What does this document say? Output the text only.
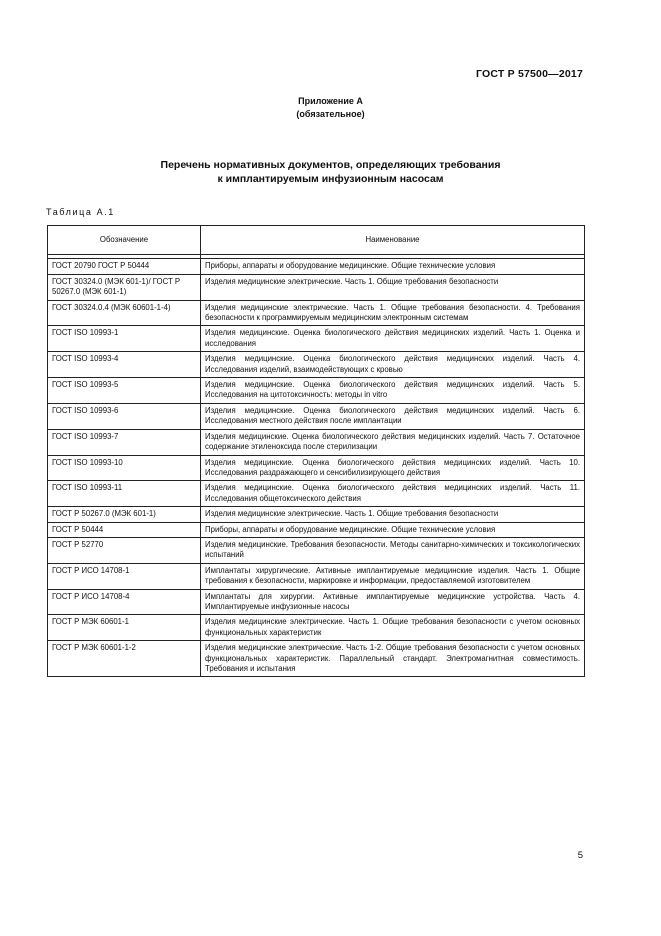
ГОСТ Р 57500—2017
Приложение А
(обязательное)
Перечень нормативных документов, определяющих требования
к имплантируемым инфузионным насосам
Таблица А.1
Обозначение	Наименование

ГОСТ 20790 ГОСТ Р 50444	Приборы, аппараты и оборудование медицинские. Общие технические условия
ГОСТ 30324.0 (МЭК 601-1)/ ГОСТ Р 50267.0 (МЭК 601-1)	Изделия медицинские электрические. Часть 1. Общие требования безопасности
ГОСТ 30324.0.4 (МЭК 60601-1-4)	Изделия медицинские электрические. Часть 1. Общие требования безопасности. 4. Требования безопасности к программируемым медицинским электронным системам
ГОСТ ISO 10993-1	Изделия медицинские. Оценка биологического действия медицинских изделий. Часть 1. Оценка и исследования
ГОСТ ISO 10993-4	Изделия медицинские. Оценка биологического действия медицинских изделий. Часть 4. Исследования изделий, взаимодействующих с кровью
ГОСТ ISO 10993-5	Изделия медицинские. Оценка биологического действия медицинских изделий. Часть 5. Исследования на цитотоксичность: методы in vitro
ГОСТ ISO 10993-6	Изделия медицинские. Оценка биологического действия медицинских изделий. Часть 6. Исследования местного действия после имплантации
ГОСТ ISO 10993-7	Изделия медицинские. Оценка биологического действия медицинских изделий. Часть 7. Остаточное содержание этиленоксида после стерилизации
ГОСТ ISO 10993-10	Изделия медицинские. Оценка биологического действия медицинских изделий. Часть 10. Исследования раздражающего и сенсибилизирующего действия
ГОСТ ISO 10993-11	Изделия медицинские. Оценка биологического действия медицинских изделий. Часть 11. Исследования общетоксического действия
ГОСТ Р 50267.0 (МЭК 601-1)	Изделия медицинские электрические. Часть 1. Общие требования безопасности
ГОСТ Р 50444	Приборы, аппараты и оборудование медицинские. Общие технические условия
ГОСТ Р 52770	Изделия медицинские. Требования безопасности. Методы санитарно-химических и токсикологических испытаний
ГОСТ Р ИСО 14708-1	Имплантаты хирургические. Активные имплантируемые медицинские изделия. Часть 1. Общие требования к безопасности, маркировке и информации, предоставляемой изготовителем
ГОСТ Р ИСО 14708-4	Имплантаты для хирургии. Активные имплантируемые медицинские устройства. Часть 4. Имплантируемые инфузионные насосы
ГОСТ Р МЭК 60601-1	Изделия медицинские электрические. Часть 1. Общие требования безопасности с учетом основных функциональных характеристик
ГОСТ Р МЭК 60601-1-2	Изделия медицинские электрические. Часть 1-2. Общие требования безопасности с учетом основных функциональных характеристик. Параллельный стандарт. Электромагнитная совместимость. Требования и испытания
5
